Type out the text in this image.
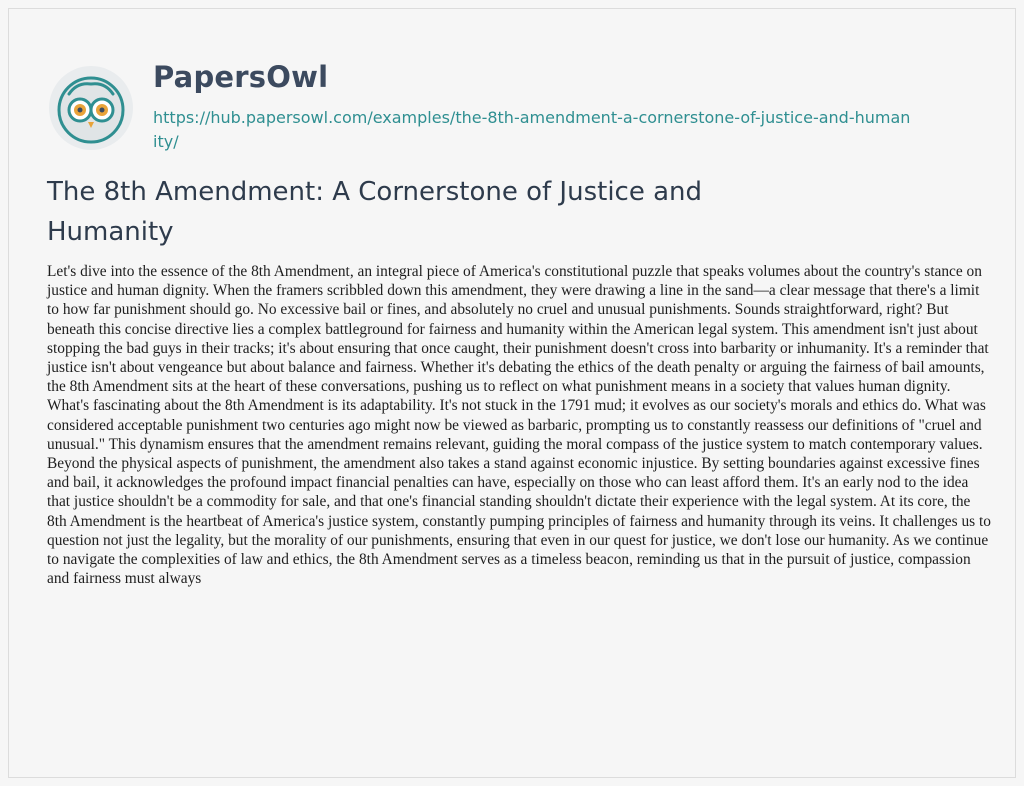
PapersOwl
https://hub.papersowl.com/examples/the-8th-amendment-a-cornerstone-of-justice-and-humanity/
The 8th Amendment: A Cornerstone of Justice and Humanity

Let's dive into the essence of the 8th Amendment, an integral piece of America's constitutional puzzle that speaks volumes about the country's stance on justice and human dignity. When the framers scribbled down this amendment, they were drawing a line in the sand—a clear message that there's a limit to how far punishment should go. No excessive bail or fines, and absolutely no cruel and unusual punishments. Sounds straightforward, right? But beneath this concise directive lies a complex battleground for fairness and humanity within the American legal system. This amendment isn't just about stopping the bad guys in their tracks; it's about ensuring that once caught, their punishment doesn't cross into barbarity or inhumanity. It's a reminder that justice isn't about vengeance but about balance and fairness. Whether it's debating the ethics of the death penalty or arguing the fairness of bail amounts, the 8th Amendment sits at the heart of these conversations, pushing us to reflect on what punishment means in a society that values human dignity. What's fascinating about the 8th Amendment is its adaptability. It's not stuck in the 1791 mud; it evolves as our society's morals and ethics do. What was considered acceptable punishment two centuries ago might now be viewed as barbaric, prompting us to constantly reassess our definitions of "cruel and unusual." This dynamism ensures that the amendment remains relevant, guiding the moral compass of the justice system to match contemporary values. Beyond the physical aspects of punishment, the amendment also takes a stand against economic injustice. By setting boundaries against excessive fines and bail, it acknowledges the profound impact financial penalties can have, especially on those who can least afford them. It's an early nod to the idea that justice shouldn't be a commodity for sale, and that one's financial standing shouldn't dictate their experience with the legal system. At its core, the 8th Amendment is the heartbeat of America's justice system, constantly pumping principles of fairness and humanity through its veins. It challenges us to question not just the legality, but the morality of our punishments, ensuring that even in our quest for justice, we don't lose our humanity. As we continue to navigate the complexities of law and ethics, the 8th Amendment serves as a timeless beacon, reminding us that in the pursuit of justice, compassion and fairness must always
